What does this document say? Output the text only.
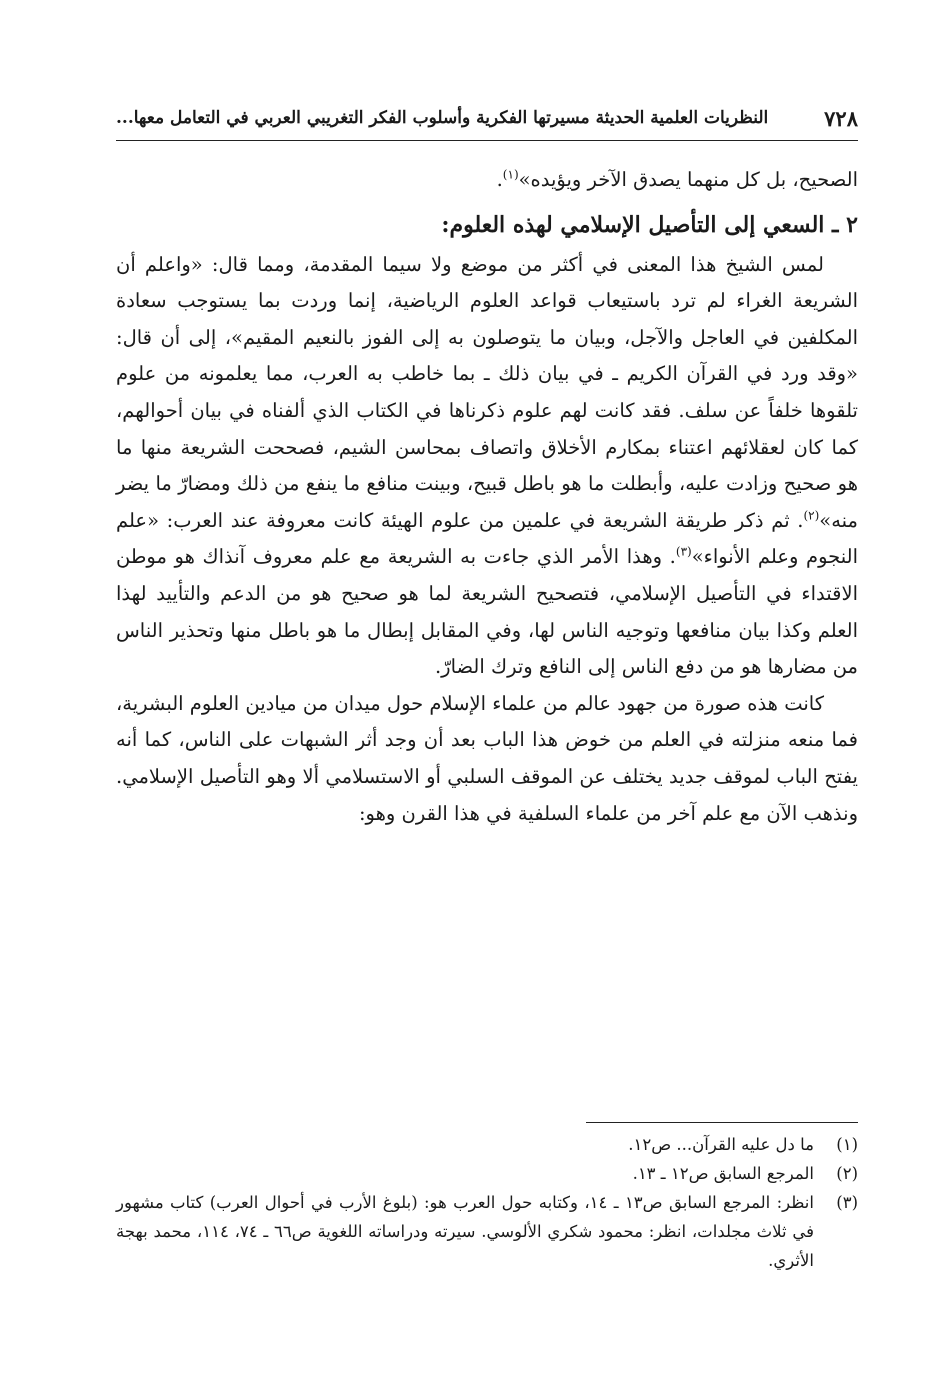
٧٢٨
النظريات العلمية الحديثة مسيرتها الفكرية وأسلوب الفكر التغريبي العربي في التعامل معها...

الصحيح، بل كل منهما يصدق الآخر ويؤيده»$^{(١)}$.

٢ ـ السعي إلى التأصيل الإسلامي لهذه العلوم:

لمس الشيخ هذا المعنى في أكثر من موضع ولا سيما المقدمة، ومما قال: «واعلم أن الشريعة الغراء لم ترد باستيعاب قواعد العلوم الرياضية، إنما وردت بما يستوجب سعادة المكلفين في العاجل والآجل، وبيان ما يتوصلون به إلى الفوز بالنعيم المقيم»، إلى أن قال: «وقد ورد في القرآن الكريم ـ في بيان ذلك ـ بما خاطب به العرب، مما يعلمونه من علوم تلقوها خلفاً عن سلف. فقد كانت لهم علوم ذكرناها في الكتاب الذي ألفناه في بيان أحوالهم، كما كان لعقلائهم اعتناء بمكارم الأخلاق واتصاف بمحاسن الشيم، فصححت الشريعة منها ما هو صحيح وزادت عليه، وأبطلت ما هو باطل قبيح، وبينت منافع ما ينفع من ذلك ومضارّ ما يضر منه»$^{(٢)}$. ثم ذكر طريقة الشريعة في علمين من علوم الهيئة كانت معروفة عند العرب: «علم النجوم وعلم الأنواء»$^{(٣)}$. وهذا الأمر الذي جاءت به الشريعة مع علم معروف آنذاك هو موطن الاقتداء في التأصيل الإسلامي، فتصحيح الشريعة لما هو صحيح هو من الدعم والتأييد لهذا العلم وكذا بيان منافعها وتوجيه الناس لها، وفي المقابل إبطال ما هو باطل منها وتحذير الناس من مضارها هو من دفع الناس إلى النافع وترك الضارّ.

كانت هذه صورة من جهود عالم من علماء الإسلام حول ميدان من ميادين العلوم البشرية، فما منعه منزلته في العلم من خوض هذا الباب بعد أن وجد أثر الشبهات على الناس، كما أنه يفتح الباب لموقف جديد يختلف عن الموقف السلبي أو الاستسلامي ألا وهو التأصيل الإسلامي. ونذهب الآن مع علم آخر من علماء السلفية في هذا القرن وهو:

(١)
ما دل عليه القرآن... ص١٢.
(٢)
المرجع السابق ص١٢ ـ ١٣.
(٣)
انظر: المرجع السابق ص١٣ ـ ١٤، وكتابه حول العرب هو: (بلوغ الأرب في أحوال العرب) كتاب مشهور في ثلاث مجلدات، انظر: محمود شكري الألوسي. سيرته ودراساته اللغوية ص٦٦ ـ ٧٤، ١١٤، محمد بهجة الأثري.
